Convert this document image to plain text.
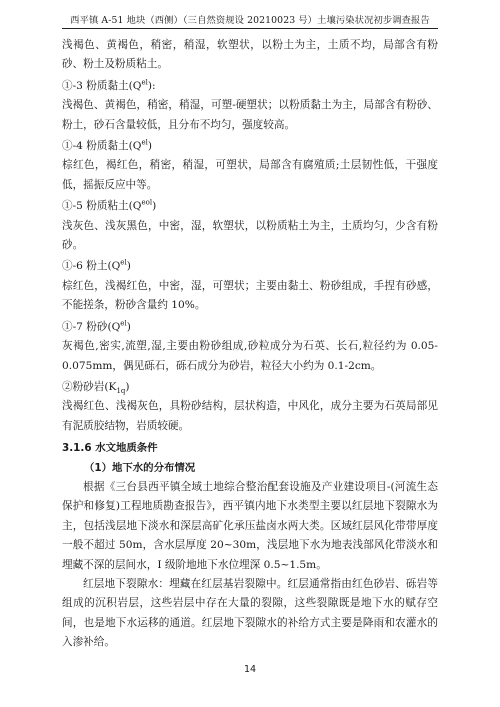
西平镇 A-51 地块（西侧）（三自然资规设 20210023 号）土壤污染状况初步调查报告

浅褐色、黄褐色，稍密，稍湿，软塑状，以粉土为主，土质不均，局部含有粉砂、粉土及粉质粘土。

①-3 粉质黏土$(Q^{el})$:

浅褐色、黄褐色，稍密，稍湿，可塑-硬塑状；以粉质黏土为主，局部含有粉砂、粉土，砂石含量较低，且分布不均匀，强度较高。

①-4 粉质黏土$(Q^{el})$

棕红色，褐红色，稍密，稍湿，可塑状，局部含有腐殖质;土层韧性低，干强度低，摇振反应中等。

①-5 粉质粘土$(Q^{eol})$

浅灰色、浅灰黑色，中密，湿，软塑状，以粉质粘土为主，土质均匀，少含有粉砂。

①-6 粉土$(Q^{el})$

棕红色，浅褐红色，中密，湿，可塑状；主要由黏土、粉砂组成，手捏有砂感，不能搓条，粉砂含量约 10%。

①-7 粉砂$(Q^{el})$

灰褐色,密实,流塑,湿,主要由粉砂组成,砂粒成分为石英、长石,粒径约为 0.05-0.075mm，偶见砾石，砾石成分为砂岩，粒径大小约为 0.1-2cm。

②粉砂岩$(K_{1q})$

浅褐红色、浅褐灰色，具粉砂结构，层状构造，中风化，成分主要为石英局部见有泥质胶结物，岩质较硬。

3.1.6 水文地质条件

（1）地下水的分布情况

根据《三台县西平镇全域土地综合整治配套设施及产业建设项目-(河流生态保护和修复)工程地质勘查报告》，西平镇内地下水类型主要以红层地下裂隙水为主，包括浅层地下淡水和深层高矿化承压盐卤水两大类。区域红层风化带带厚度一般不超过 50m，含水层厚度 20~30m，浅层地下水为地表浅部风化带淡水和埋藏不深的层间水，I 级阶地地下水位埋深 0.5~1.5m。

红层地下裂隙水：埋藏在红层基岩裂隙中。红层通常指由红色砂岩、砾岩等组成的沉积岩层，这些岩层中存在大量的裂隙，这些裂隙既是地下水的赋存空间，也是地下水运移的通道。红层地下裂隙水的补给方式主要是降雨和农灌水的入渗补给。

14
